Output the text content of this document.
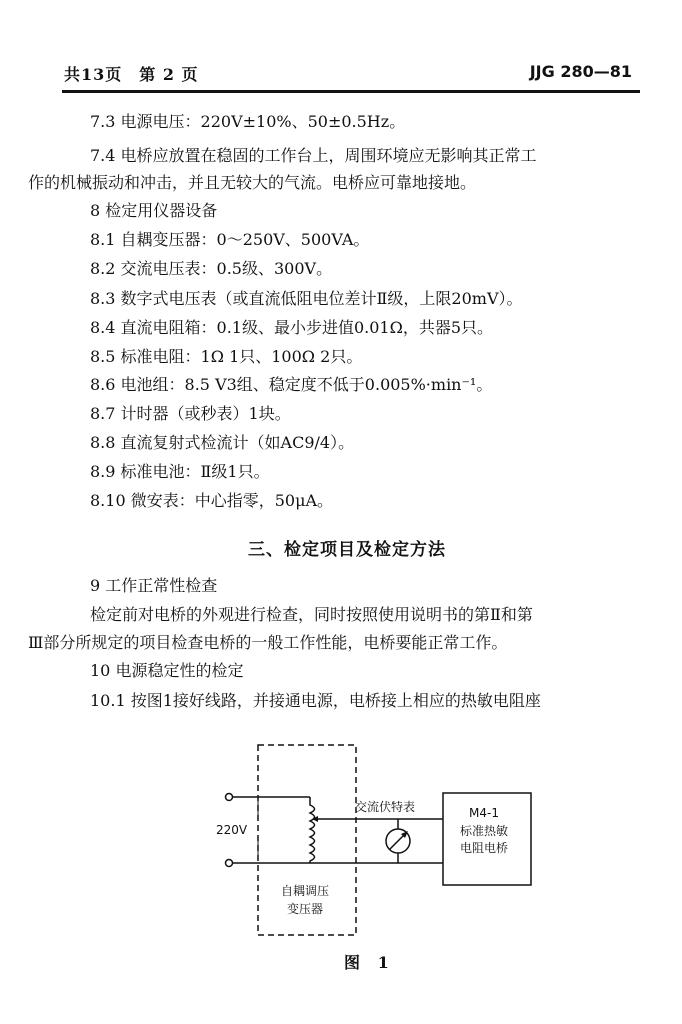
共13页　第 2 页	JJG 280—81
7.3 电源电压：220V±10%、50±0.5Hz。
7.4 电桥应放置在稳固的工作台上，周围环境应无影响其正常工
作的机械振动和冲击，并且无较大的气流。电桥应可靠地接地。
8 检定用仪器设备
8.1 自耦变压器：0～250V、500VA。
8.2 交流电压表：0.5级、300V。
8.3 数字式电压表（或直流低阻电位差计Ⅱ级，上限20mV）。
8.4 直流电阻箱：0.1级、最小步进值0.01Ω，共器5只。
8.5 标准电阻：1Ω 1只、100Ω 2只。
8.6 电池组：8.5 V3组、稳定度不低于0.005%·min⁻¹。
8.7 计时器（或秒表）1块。
8.8 直流复射式检流计（如AC9/4）。
8.9 标准电池：Ⅱ级1只。
8.10 微安表：中心指零，50μA。
三、检定项目及检定方法
9 工作正常性检查
检定前对电桥的外观进行检查，同时按照使用说明书的第Ⅱ和第
Ⅲ部分所规定的项目检查电桥的一般工作性能，电桥要能正常工作。
10 电源稳定性的检定
10.1 按图1接好线路，并接通电源，电桥接上相应的热敏电阻座
220V
交流伏特表	M4-1
标准热敏
电阻电桥
自耦调压
变压器
图 1
